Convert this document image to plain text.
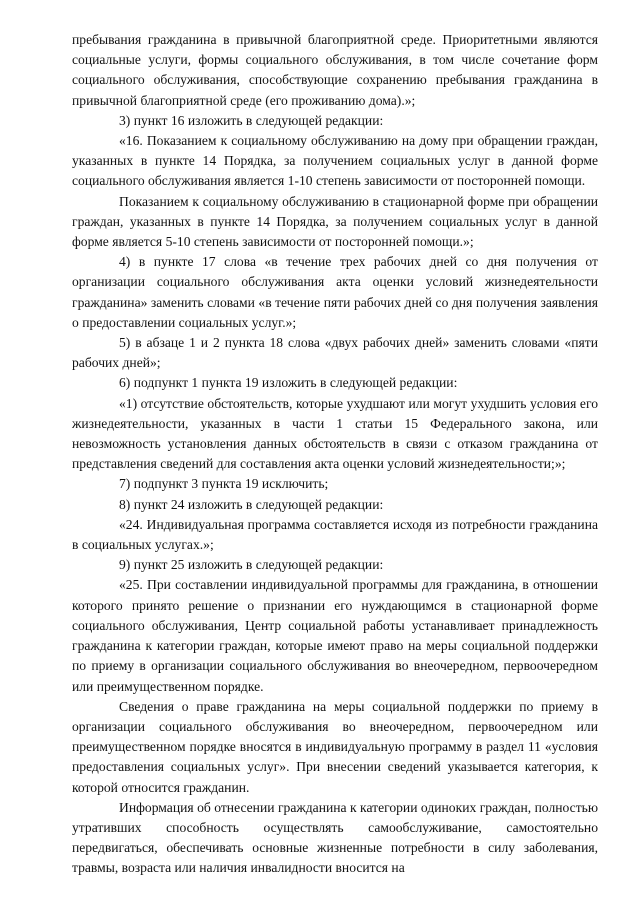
пребывания гражданина в привычной благоприятной среде. Приоритетными являются социальные услуги, формы социального обслуживания, в том числе сочетание форм социального обслуживания, способствующие сохранению пребывания гражданина в привычной благоприятной среде (его проживанию дома).»;

3) пункт 16 изложить в следующей редакции:

«16. Показанием к социальному обслуживанию на дому при обращении граждан, указанных в пункте 14 Порядка, за получением социальных услуг в данной форме социального обслуживания является 1-10 степень зависимости от посторонней помощи.

Показанием к социальному обслуживанию в стационарной форме при обращении граждан, указанных в пункте 14 Порядка, за получением социальных услуг в данной форме является 5-10 степень зависимости от посторонней помощи.»;

4) в пункте 17 слова «в течение трех рабочих дней со дня получения от организации социального обслуживания акта оценки условий жизнедеятельности гражданина» заменить словами «в течение пяти рабочих дней со дня получения заявления о предоставлении социальных услуг.»;

5) в абзаце 1 и 2 пункта 18 слова «двух рабочих дней» заменить словами «пяти рабочих дней»;

6) подпункт 1 пункта 19 изложить в следующей редакции:

«1) отсутствие обстоятельств, которые ухудшают или могут ухудшить условия его жизнедеятельности, указанных в части 1 статьи 15 Федерального закона, или невозможность установления данных обстоятельств в связи с отказом гражданина от представления сведений для составления акта оценки условий жизнедеятельности;»;

7) подпункт 3 пункта 19 исключить;

8) пункт 24 изложить в следующей редакции:

«24. Индивидуальная программа составляется исходя из потребности гражданина в социальных услугах.»;

9) пункт 25 изложить в следующей редакции:

«25. При составлении индивидуальной программы для гражданина, в отношении которого принято решение о признании его нуждающимся в стационарной форме социального обслуживания, Центр социальной работы устанавливает принадлежность гражданина к категории граждан, которые имеют право на меры социальной поддержки по приему в организации социального обслуживания во внеочередном, первоочередном или преимущественном порядке.

Сведения о праве гражданина на меры социальной поддержки по приему в организации социального обслуживания во внеочередном, первоочередном или преимущественном порядке вносятся в индивидуальную программу в раздел 11 «условия предоставления социальных услуг». При внесении сведений указывается категория, к которой относится гражданин.

Информация об отнесении гражданина к категории одиноких граждан, полностью утративших способность осуществлять самообслуживание, самостоятельно передвигаться, обеспечивать основные жизненные потребности в силу заболевания, травмы, возраста или наличия инвалидности вносится на
